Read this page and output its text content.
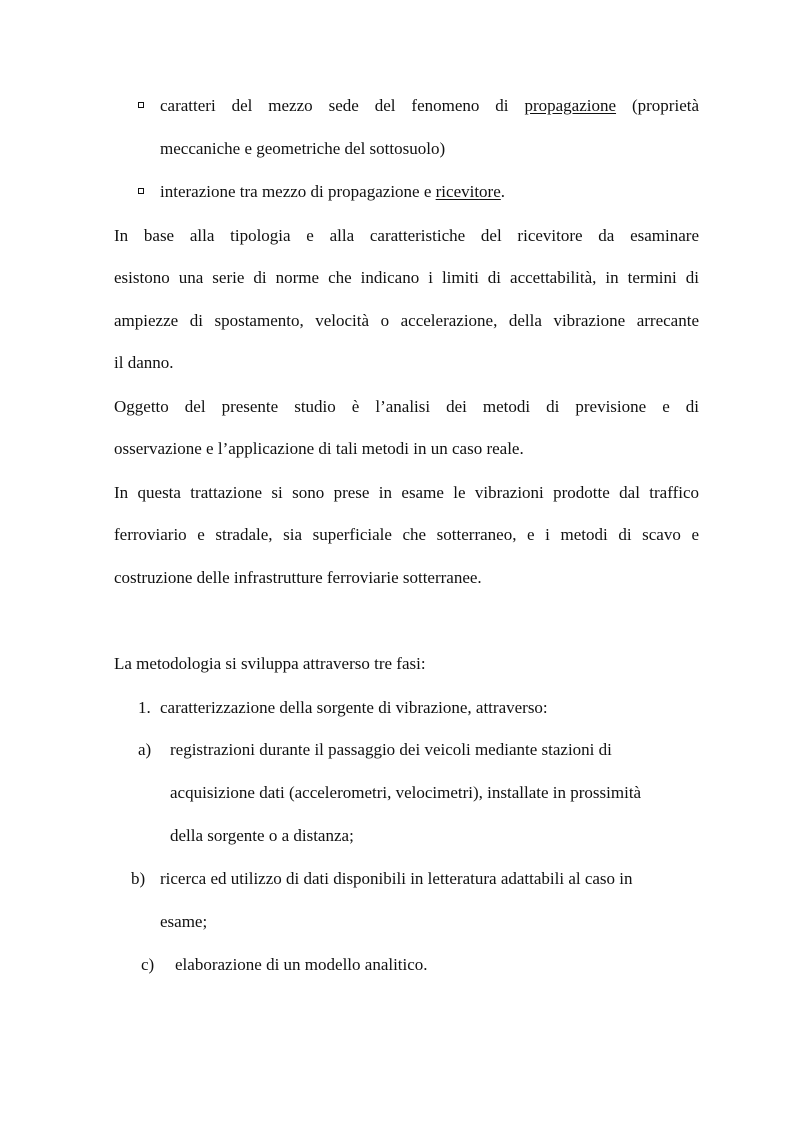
caratteri del mezzo sede del fenomeno di propagazione (proprietà
meccaniche e geometriche del sottosuolo)
interazione tra mezzo di propagazione e ricevitore.
In base alla tipologia e alla caratteristiche del ricevitore da esaminare
esistono una serie di norme che indicano i limiti di accettabilità, in termini di
ampiezze di spostamento, velocità o accelerazione, della vibrazione arrecante
il danno.
Oggetto del presente studio è l’analisi dei metodi di previsione e di
osservazione e l’applicazione di tali metodi in un caso reale.
In questa trattazione si sono prese in esame le vibrazioni prodotte dal traffico
ferroviario e stradale, sia superficiale che sotterraneo, e i metodi di scavo e
costruzione delle infrastrutture ferroviarie sotterranee.
La metodologia si sviluppa attraverso tre fasi:
1. caratterizzazione della sorgente di vibrazione, attraverso:
a) registrazioni durante il passaggio dei veicoli mediante stazioni di
acquisizione dati (accelerometri, velocimetri), installate in prossimità
della sorgente o a distanza;
b) ricerca ed utilizzo di dati disponibili in letteratura adattabili al caso in
esame;
c) elaborazione di un modello analitico.
